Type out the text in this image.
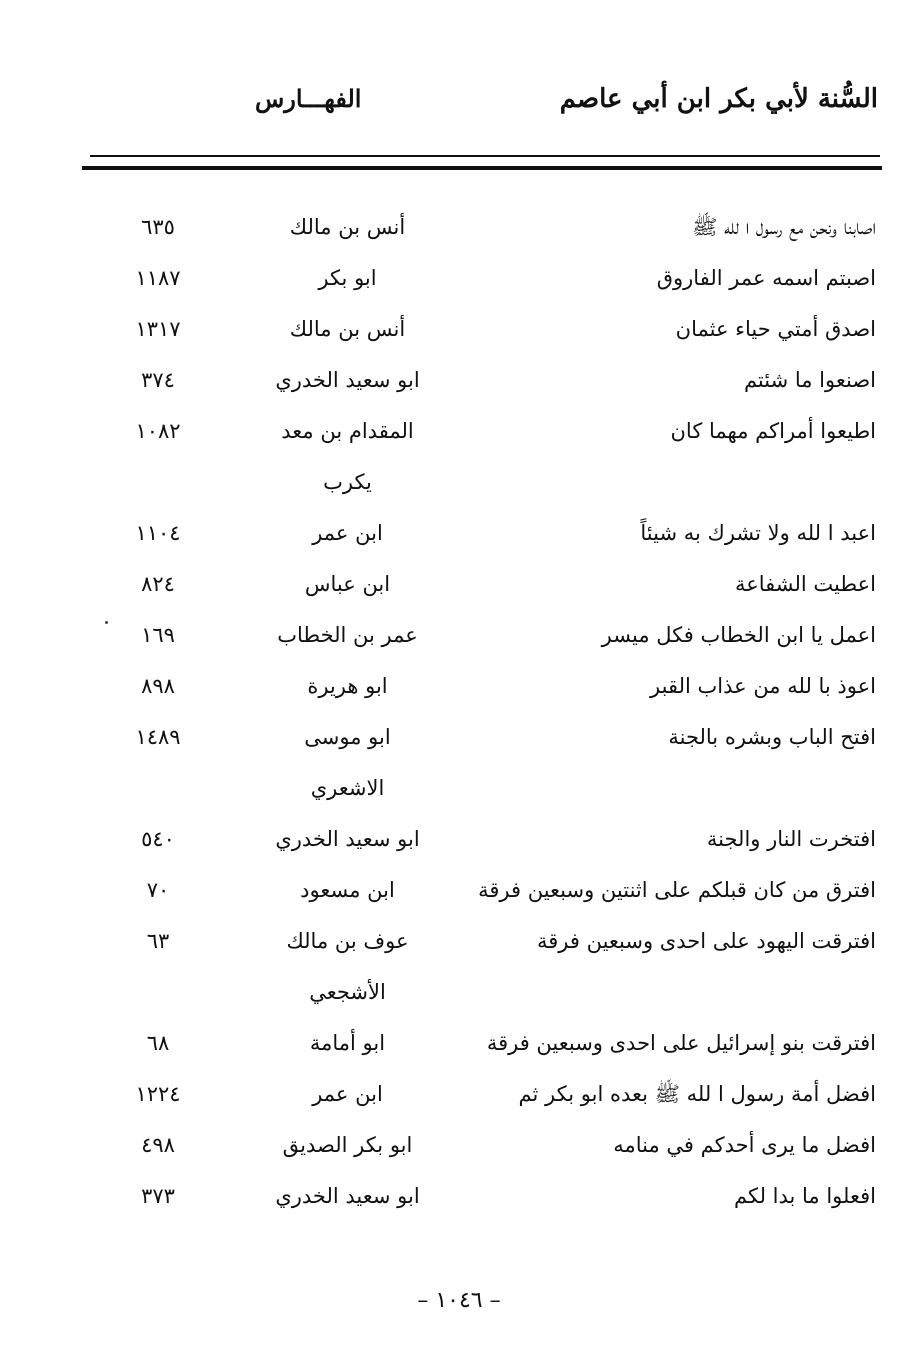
السُّنة لأبي بكر ابن أبي عاصم
الفهـــارس
اصابنا ونحن مع رسول ا لله ﷺ
أنس بن مالك
٦٣٥
اصبتم اسمه عمر الفاروق
ابو بكر
١١٨٧
اصدق أمتي حياء عثمان
أنس بن مالك
١٣١٧
اصنعوا ما شئتم
ابو سعيد الخدري
٣٧٤
اطيعوا أمراكم مهما كان
المقدام بن معد
١٠٨٢
يكرب
اعبد ا لله ولا تشرك به شيئاً
ابن عمر
١١٠٤
اعطيت الشفاعة
ابن عباس
٨٢٤
اعمل يا ابن الخطاب فكل ميسر
عمر بن الخطاب
١٦٩
اعوذ با لله من عذاب القبر
ابو هريرة
٨٩٨
افتح الباب وبشره بالجنة
ابو موسى
١٤٨٩
الاشعري
افتخرت النار والجنة
ابو سعيد الخدري
٥٤٠
افترق من كان قبلكم على اثنتين وسبعين فرقة
ابن مسعود
٧٠
افترقت اليهود على احدى وسبعين فرقة
عوف بن مالك
٦٣
الأشجعي
افترقت بنو إسرائيل على احدى وسبعين فرقة
ابو أمامة
٦٨
افضل أمة رسول ا لله ﷺ بعده ابو بكر ثم
ابن عمر
١٢٢٤
افضل ما يرى أحدكم في منامه
ابو بكر الصديق
٤٩٨
افعلوا ما بدا لكم
ابو سعيد الخدري
٣٧٣
– ١٠٤٦ –
